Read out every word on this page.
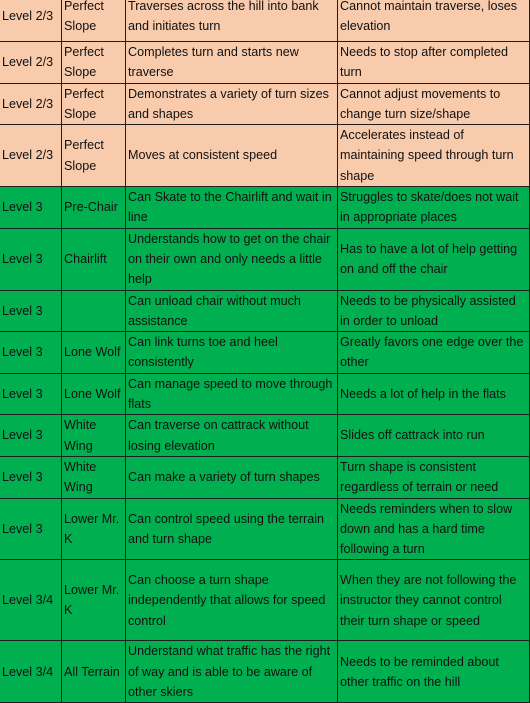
Level 2/3	Perfect Slope	Traverses across the hill into bank and initiates turn	Cannot maintain traverse, loses elevation

Level 2/3	Perfect Slope	Completes turn and starts new traverse	Needs to stop after completed turn

Level 2/3	Perfect Slope	Demonstrates a variety of turn sizes and shapes	Cannot adjust movements to change turn size/shape

Level 2/3	Perfect Slope	Moves at consistent speed	Accelerates instead of maintaining speed through turn shape

Level 3	Pre-Chair	Can Skate to the Chairlift and wait in line	Struggles to skate/does not wait in appropriate places

Level 3	Chairlift	Understands how to get on the chair on their own and only needs a little help	Has to have a lot of help getting on and off the chair

Level 3		Can unload chair without much assistance	Needs to be physically assisted in order to unload

Level 3	Lone Wolf	Can link turns toe and heel consistently	Greatly favors one edge over the other

Level 3	Lone Wolf	Can manage speed to move through flats	Needs a lot of help in the flats

Level 3	White Wing	Can traverse on cattrack without losing elevation	Slides off cattrack into run

Level 3	White Wing	Can make a variety of turn shapes	Turn shape is consistent regardless of terrain or need

Level 3	Lower Mr. K	Can control speed using the terrain and turn shape	Needs reminders when to slow down and has a hard time following a turn

Level 3/4	Lower Mr. K	Can choose a turn shape independently that allows for speed control	When they are not following the instructor they cannot control their turn shape or speed

Level 3/4	All Terrain	Understand what traffic has the right of way and is able to be aware of other skiers	Needs to be reminded about other traffic on the hill
